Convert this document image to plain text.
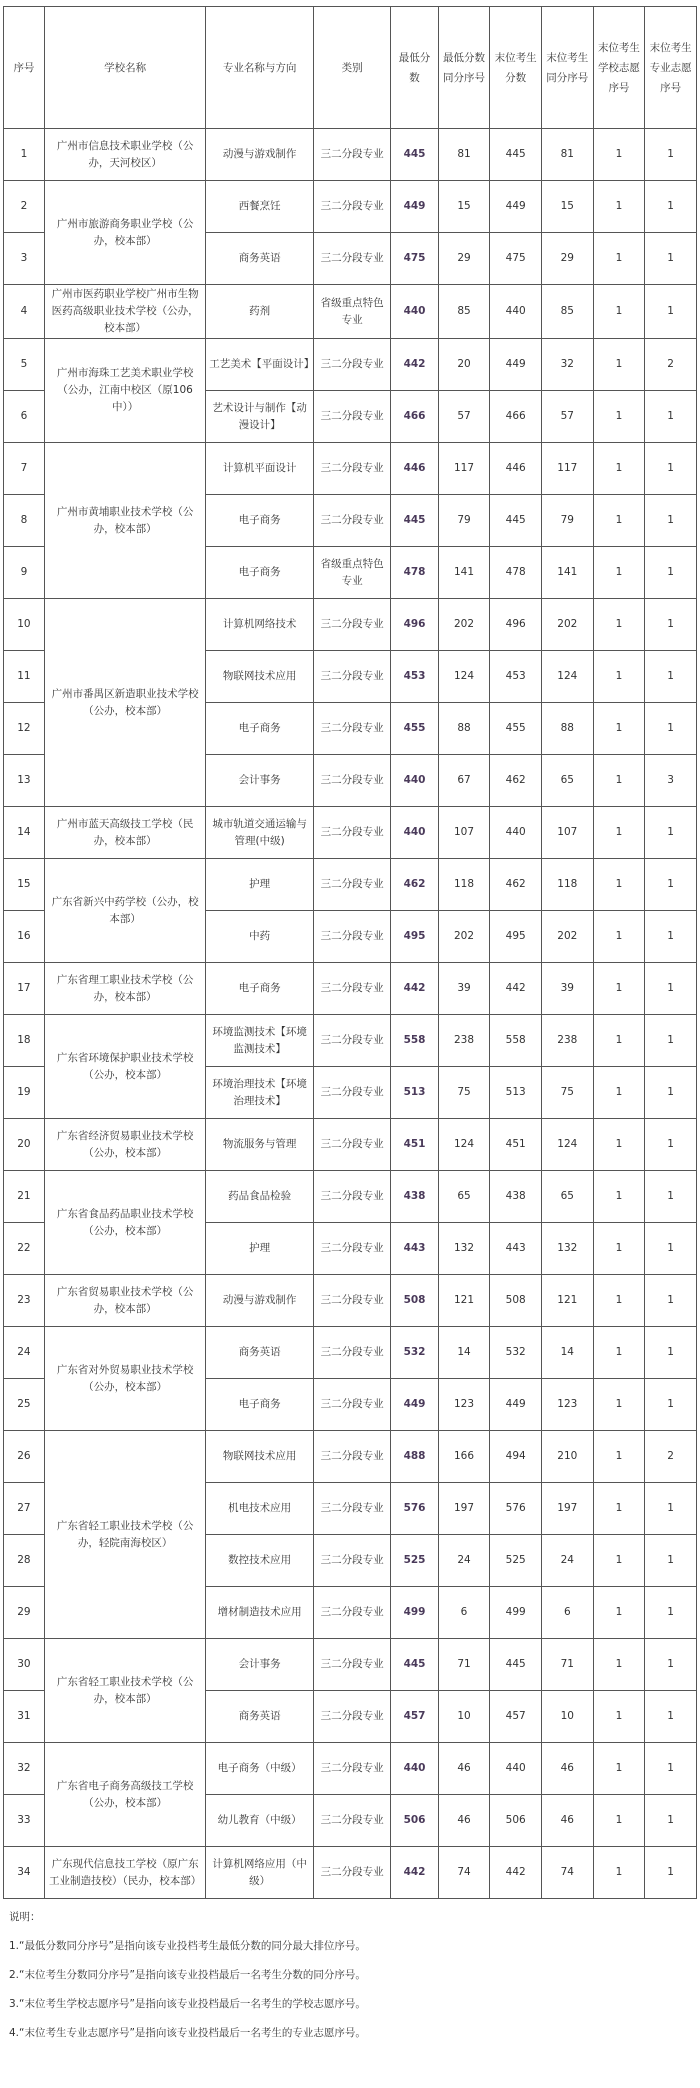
序号	学校名称	专业名称与方向	类别	最低分数	最低分数同分序号	末位考生分数	末位考生同分序号	末位考生学校志愿序号	末位考生专业志愿序号
1	广州市信息技术职业学校（公办，天河校区）	动漫与游戏制作	三二分段专业	445	81	445	81	1	1
2	广州市旅游商务职业学校（公办，校本部）	西餐烹饪	三二分段专业	449	15	449	15	1	1
3		商务英语	三二分段专业	475	29	475	29	1	1
4	广州市医药职业学校广州市生物医药高级职业技术学校（公办，校本部）	药剂	省级重点特色专业	440	85	440	85	1	1
5	广州市海珠工艺美术职业学校（公办，江南中校区（原106中））	工艺美术【平面设计】	三二分段专业	442	20	449	32	1	2
6		艺术设计与制作【动漫设计】	三二分段专业	466	57	466	57	1	1
7	广州市黄埔职业技术学校（公办，校本部）	计算机平面设计	三二分段专业	446	117	446	117	1	1
8		电子商务	三二分段专业	445	79	445	79	1	1
9		电子商务	省级重点特色专业	478	141	478	141	1	1
10	广州市番禺区新造职业技术学校（公办，校本部）	计算机网络技术	三二分段专业	496	202	496	202	1	1
11		物联网技术应用	三二分段专业	453	124	453	124	1	1
12		电子商务	三二分段专业	455	88	455	88	1	1
13		会计事务	三二分段专业	440	67	462	65	1	3
14	广州市蓝天高级技工学校（民办，校本部）	城市轨道交通运输与管理(中级)	三二分段专业	440	107	440	107	1	1
15	广东省新兴中药学校（公办，校本部）	护理	三二分段专业	462	118	462	118	1	1
16		中药	三二分段专业	495	202	495	202	1	1
17	广东省理工职业技术学校（公办，校本部）	电子商务	三二分段专业	442	39	442	39	1	1
18	广东省环境保护职业技术学校（公办，校本部）	环境监测技术【环境监测技术】	三二分段专业	558	238	558	238	1	1
19		环境治理技术【环境治理技术】	三二分段专业	513	75	513	75	1	1
20	广东省经济贸易职业技术学校（公办，校本部）	物流服务与管理	三二分段专业	451	124	451	124	1	1
21	广东省食品药品职业技术学校（公办，校本部）	药品食品检验	三二分段专业	438	65	438	65	1	1
22		护理	三二分段专业	443	132	443	132	1	1
23	广东省贸易职业技术学校（公办，校本部）	动漫与游戏制作	三二分段专业	508	121	508	121	1	1
24	广东省对外贸易职业技术学校（公办，校本部）	商务英语	三二分段专业	532	14	532	14	1	1
25		电子商务	三二分段专业	449	123	449	123	1	1
26	广东省轻工职业技术学校（公办，轻院南海校区）	物联网技术应用	三二分段专业	488	166	494	210	1	2
27		机电技术应用	三二分段专业	576	197	576	197	1	1
28		数控技术应用	三二分段专业	525	24	525	24	1	1
29		增材制造技术应用	三二分段专业	499	6	499	6	1	1
30	广东省轻工职业技术学校（公办，校本部）	会计事务	三二分段专业	445	71	445	71	1	1
31		商务英语	三二分段专业	457	10	457	10	1	1
32	广东省电子商务高级技工学校（公办，校本部）	电子商务（中级）	三二分段专业	440	46	440	46	1	1
33		幼儿教育（中级）	三二分段专业	506	46	506	46	1	1
34	广东现代信息技工学校（原广东工业制造技校）（民办，校本部）	计算机网络应用（中级）	三二分段专业	442	74	442	74	1	1
说明：
1.“最低分数同分序号”是指向该专业投档考生最低分数的同分最大排位序号。
2.“末位考生分数同分序号”是指向该专业投档最后一名考生分数的同分序号。
3.“末位考生学校志愿序号”是指向该专业投档最后一名考生的学校志愿序号。
4.“末位考生专业志愿序号”是指向该专业投档最后一名考生的专业志愿序号。
